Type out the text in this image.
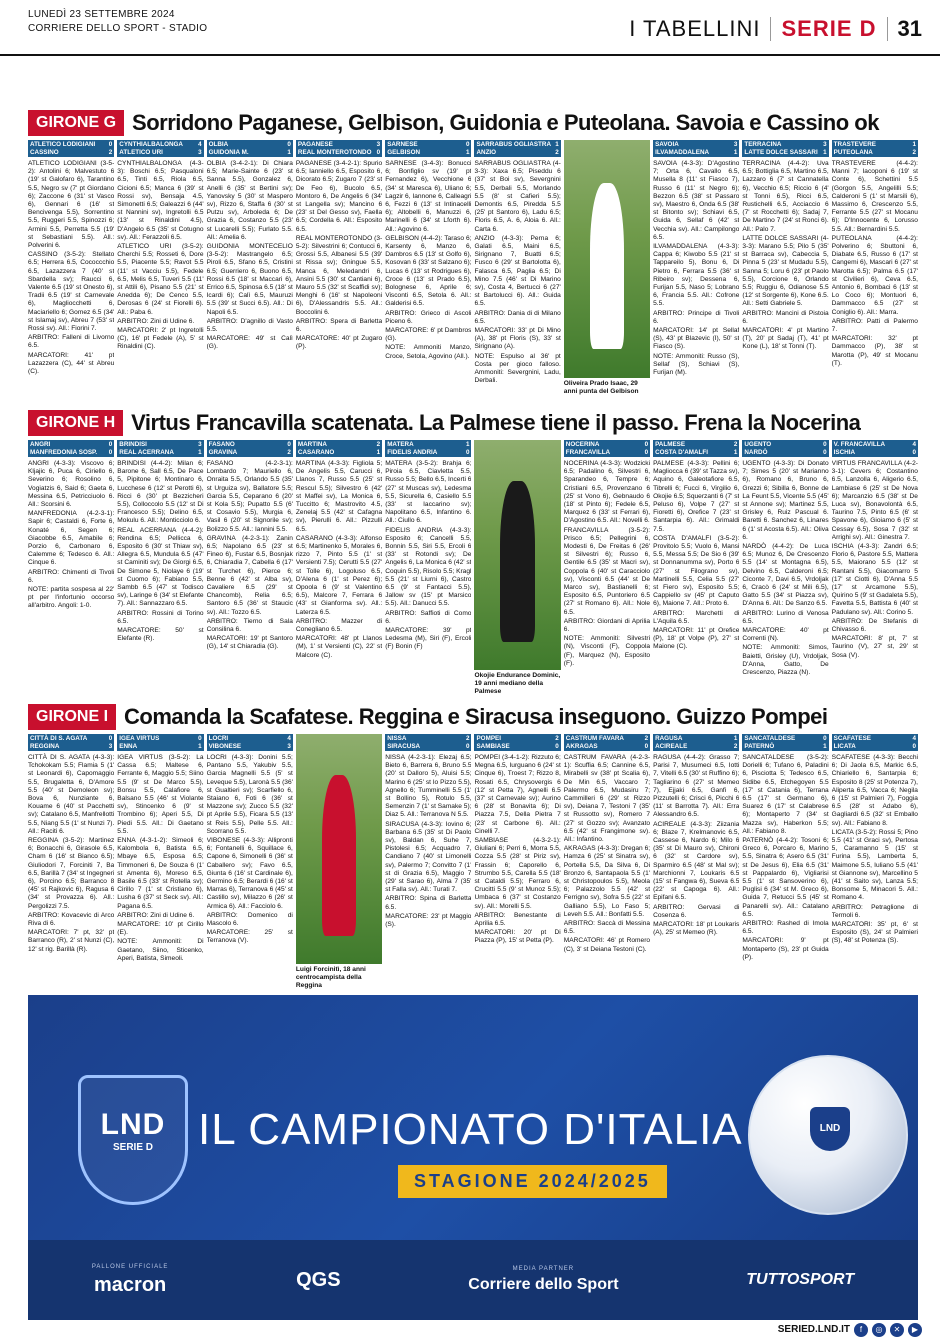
LUNEDÌ 23 SETTEMBRE 2024
CORRIERE DELLO SPORT - STADIO	I TABELLINI SERIE D 31
GIRONE G Sorridono Paganese, Gelbison, Guidonia e Puteolana. Savoia e Cassino ok
ATLETICO LODIGIANI 0
CASSINO	2

ATLETICO LODIGIANI (3-5-2): Antolini 6; Malvestuto 6 (19' st Galofaro 6), Tarantino 5.5, Negro sv (7' pt Giordano 6); Zaccone 6 (31' st Vasco 6), Gennari 6 (16' st Bencivenga 5.5), Sorrentino 5.5, Ruggeri 5.5, Spinozzi 6; Armini 5.5, Perretta 5.5 (19' st Sebastiani 5.5). All.: Polverini 6.

CASSINO (3-5-2): Stellato 6.5; Herrera 6.5, Cococcchio 6.5, Lazazzera 7 (40' st Sbardella sv); Raucci 6, Valente 6.5 (19' st Onesto 6), Tradii 6.5 (19' st Carnevale 6), Magliocchetti 6, Maciariello 6; Gomez 6.5 (34' st Islamaj sv), Abreu 7 (53' st Rossi sv). All.: Fiorini 7.

ARBITRO: Falleni di Livorno 6.5.

MARCATORI: 41' pt Lazazzera (C), 44' st Abreu (C).

CYNTHIALBALONGA 4
ATLETICO URI	3

CYNTHIALBALONGA (4-3-3): Boschi 6.5; Pasqualoni 6.5, Tinti 6.5, Riola 6.5, Cicioni 6.5; Manca 6 (39' st Rossi sv), Bensaja 4.5, Simonetti 6.5; Galeazzi 6 (44' st Nannini sv), Ingretolli 6.5 (13' st Rinaldini 4.5), D'Angelo 6.5 (35' st Cotugno sv). All.: Ferazzoli 6.5.

ATLETICO URI (3-5-2): Cherchi 5.5; Rosseti 6, Dore 5.5, Piacente 5.5; Ravot 5.5 (11' st Vacciu 5.5), Fedele 6.5, Melis 6.5, Tuveri 5.5 (11' st Attili 6), Pisano 5.5 (21' st Anedda 6); De Cenco 5.5, Derosas 6 (24' st Fiorelli 6). All.: Paba 6.

ARBITRO: Zini di Udine 6.

MARCATORI: 2' pt Ingretolli (C), 16' pt Fedele (A), 5' st Rinaldini (C).

OLBIA	0
GUIDONIA M.	1

OLBIA (3-4-2-1): Di Chiara 6.5; Marie-Sainte 6 (23' st Sanna 5.5), Gonzalez 6, Anelli 6 (35' st Bertini sv); Yanovsky 5 (30' st Maspero sv), Rizzo 6, Staffa 6 (30' st Putzu sv), Arboleda 6; De Grazia 6, Costanzo 5.5 (23' st Lucarelli 5.5); Furlato 5.5. All.: Amelia 6.

GUIDONIA MONTECELIO (3-5-2): Mastrangelo 6.5; Piroli 6.5, Sfano 6.5, Cristini 6.5; Guerriero 6, Buono 6.5, Rossi 6.5 (18' st Maccari 6), Errico 6.5, Spinosa 6.5 (18' st Icardi 6); Calì 6.5, Mauruzi 5.5 (39' st Succi 6.5). All.: Di Napoli 6.5.

ARBITRO: D'agnillo di Vasto 5.5.

MARCATORE: 49' st Calì (G).

PAGANESE	3
REAL MONTEROTONDO 0

PAGANESE (3-4-2-1): Spurio 6.5; Ianniello 6.5, Esposito 6, Dicorato 6.5; Zugaro 7 (23' st De Feo 6), Bucolo 6.5, Montoro 6, De Angelis 6 (34' st Langella sv); Mancino 6 (23' st Del Gesso sv), Faella 6.5; Cordella 6. All.: Esposito 6.5.

REAL MONTEROTONDO (3-5-2): Silvestrini 6; Contucci 6, Grossi 5.5, Albanesi 5.5 (39' st Rissa sv); Gningue 5.5, Manca 6, Meledandri 6, Ansini 5.5 (30' st Cantiani 6), Mauro 5.5 (32' st Scaffidi sv); Menghi 6 (16' st Napoleoni 6), D'Alessandris 5.5. All.: Boccolini 6.

ARBITRO: Spera di Barletta 6.

MARCATORE: 40' pt Zugaro (P).

SARNESE	0
GELBISON	1

SARNESE (3-4-3): Bonucci 6; Bonfiglio sv (19' pt Fernandez 6), Vecchione 6 (34' st Maresca 6), Uliano 6; Lagzir 6, Iannone 6, Calleagri 6, Fezzi 6 (13' st Intinacelli 6); Altobelli 6, Manuzzi 6, Marinelli 6 (34' st Lforth 6). All.: Agovino 6.

GELBISON (4-4-2): Taraso 6; Karsenty 6, Manzo 6, Dambros 6.5 (13' st Golfo 6), Kosovan 6 (33' st Salzano 6); Lucas 6 (13' st Rodrigues 6), Croce 6 (13' st Prado 6.5), Bolognese 6, Aprile 6; Visconti 6.5, Setola 6. All.: Galderisi 6.5.

ARBITRO: Grieco di Ascoli Piceno 6.

MARCATORE: 6' pt Dambros (G).

NOTE: Ammoniti Manzo, Croce, Setola, Agovino (All.).

SARRABUS OGLIASTRA 1
ANZIO	2

SARRABUS OGLIASTRA (4-3-3): Xaxa 6.5; Piseddu 6 (37' st Boi sv), Severgnini 5.5, Derbali 5.5, Morlando 5.5 (8' st Cafieri 5.5); Demontis 6.5, Piredda 5.5 (25' pt Santoro 6), Ladu 6.5; Floris 6.5, A. 6, Aloia 6. All.: Carta 6.

ANZIO (4-3-3): Perna 6; Galati 6.5, Maini 6.5, Sirignano 7, Buatti 6.5; Fusco 6 (29' st Bartolotta 6), Falasca 6.5, Paglia 6.5; Di Mino 7.5 (46' st Di Marino sv), Costa 4, Bertucci 6 (27' st Bartolucci 6). All.: Guida 6.5.

ARBITRO: Dania di di Milano 6.5.

MARCATORI: 33' pt Di Mino (A), 38' pt Floris (S), 33' st Sirignano (A).

NOTE: Espulso al 36' pt Costa per gioco falloso. Ammoniti: Severgnini, Ladu, Derbali.	Oliveira Prado Isaac, 29 anni punta del Gelbison
SAVOIA	3
ILVAMADDALENA	1

SAVOIA (4-3-3): D'Agostino 7; Orta 6, Cavallo 6.5, Musella 8 (11' st Fiasco 7), Russo 6 (11' st Negro 6); Bezzon 6.5 (38' st Passaro sv), Maestro 6, Onda 6.5 (38' st Bitonto sv); Schiavi 6.5, Guida 6, Sellaf 6 (42' st Vecchia sv). All.: Campilongo 6.5.

ILVAMADDALENA (4-3-3): Cappa 6; Kiwobo 5.5 (21' st Tappareilo 5), Bonu 6, Di Pietro 6, Ferrara 5.5 (36' st Ribeiro sv); Dessena 6, Furijan 5.5, Naso 5; Lobrano 6, Francia 5.5. All.: Cofrone 5.5.

ARBITRO: Principe di Tivoli 6.

MARCATORI: 14' pt Sellaf (S), 43' pt Blazevic (I), 50' st Fiasco (S).

NOTE: Ammoniti: Russo (S), Sellaf (S), Schiavi (S), Furijan (M).

TERRACINA	3
LATTE DOLCE SASSARI 1

TERRACINA (4-4-2): Uva 6.5; Bottiglia 6.5, Martino 6.5, Lazzaro 6 (7' st Cannatella 6), Vecchio 6.5; Riccio 6 (4' st Tonni 6.5), Ricci 6.5, Rustichelli 6.5, Acciaccio 6 (7' st Rocchetti 6); Sadaj 7, De Martino 7 (24' st Ronci 6). All.: Palo 7.

LATTE DOLCE SASSARI (4-3-3): Marano 5.5; Pilo 5 (35' st Barraca sv), Cabeccia 5, Pinna 5 (23' st Mudadu 5.5), Sanna 5; Loru 6 (23' pt Paolo 5.5), Corcione 6, Orlando 5.5; Ruggiu 6, Odianose 5.5 (12' st Sorgente 6), Kone 6.5. All.: Setti Gabriele 5.

ARBITRO: Mancini di Pistoia 6.

MARCATORI: 4' pt Martino (T), 20' pt Sadaj (T), 41' pt Kone (L), 18' st Tonni (T).

TRASTEVERE	1
PUTEOLANA	2

TRASTEVERE (4-4-2): Manni 7; Iacoponi 6 (19' st Conte 6), Schettini 5.5 (Gorgon 5.5, Angelilli 5.5; Calderoni 5 (1' st Marsili 6), Massimo 6, Crescenzo 5.5, Ferrante 5.5 (27' st Mocanu 6); D'Innocente 6, Lorusso 5.5. All.: Bernardini 5.5.

PUTEOLANA (4-4-2): Polverino 6; Sbuttoni 6, Diabate 6.5, Russo 6 (17' st Cangemi 6), Mascari 6 (27' st Marotta 6.5); Palma 6.5 (17' st Civilieri 6), Ceva 6.5, Antonio 6, Bombaci 6 (13' st Lo Coco 6); Montuori 6, Dammacco 6.5 (27' st Coniglio 6). All.: Marra.

ARBITRO: Patti di Palermo 7.

MARCATORI: 32' pt Dammacco (P), 38' st Marotta (P), 49' st Mocanu (T).

GIRONE H Virtus Francavilla scatenata. La Palmese tiene il passo. Frena la Nocerina
ANGRI	0
MANFREDONIA SOSP. 0

ANGRI (4-3-3): Viscovo 6; Kljajic 6, Puca 6, Ciriello 6, Severino 6; Rosolino 6, Vogiatzis 6, Said 6; Gaeta 6, Messina 6.5, Petricciuolo 6. All.: Scorsini 6.

MANFREDONIA (4-2-3-1): Sapir 6; Castaldi 6, Forte 6, Konaté 6, Segen 6; Giacobbe 6.5, Amabile 6; Porzio 6, Carbonaro 6, Calemme 6; Tedesco 6. All.: Cinque 6.

ARBITRO: Chimenti di Tivoli 6.

NOTE: partita sospesa al 22' pt per l'infortunio occorso all'arbitro. Angoli: 1-0.

BRINDISI	3
REAL ACERRANA	1

BRINDISI (4-4-2): Milan 6; Barone 6, Sall 6.5, De Pace 5, Pipitone 6; Montinaro 6, Lucchese 6 (12' st Perotti 6), Ricci 6 (30' pt Bezzicheri 5.5), Colloccolo 5.5 (12' st Di Francesco 5.5); Delino 6.5, Mokulu 6. All.: Monticciolo 6.

REAL ACERRANA (4-4-2): Rendina 6.5; Pellicca 6, Esposito 6 (30' st Thiaw sv), Allegra 6.5, Mundula 6.5 (47' st Caminiti sv); De Giorgi 6.5, De Simone 5, Niolaye 6 (19' st Cuomo 6); Fabiano 5.5, Sambb 6.5 (47' st Todisco sv), Laringe 6 (34' st Elefante 7). All.: Sannazzaro 6.5.

ARBITRO: Rossini di Torino 6.5.

MARCATORE: 50' st Elefante (R).

FASANO	0
GRAVINA	2

FASANO (4-2-3-1): Lombardo 7; Mauriello 6, Onraita 5.5, Orlando 5.5 (35' st Urguiza sv), Ballatore 5.5; Garcia 5.5, Ceparano 6 (20' st Kola 5.5); Pupatto 5.5 (6' st Cosavio 5.5), Murgia 6, Vasil 6 (20' st Signorile sv); Bolizzo 5.5. All.: Iannini 5.5.

GRAVINA (4-2-3-1): Zanin 6.5; Napolano 6.5 (23' st Fineo 6), Fustar 6.5, Bosnjak 6, Chiaradia 7, Cabella 6 (17' st Turchet 6), Pierce 6; Benne 6 (42' st Alba sv), Cavaliere 6.5 (29' st Chancomb), Relia 6.5; Santoro 6.5 (36' st Staucic sv). All.: Tozzo 6.5.

ARBITRO: Tierno di Sala Consilina 6.

MARCATORI: 19' pt Santoro (G), 14' st Chiaradia (G).

MARTINA	2
CASARANO	1

MARTINA (4-3-3): Figliola 5; De Angelis 5.5, Carucci 6, Llanos 7, Russo 5.5 (25' st Rescul 5.5); Silvestro 6 (42' st Maffei sv), La Monica 6, Tuccitto 6; Mastrovito 4.5, Zenelaj 5.5 (42' st Cafagna sv), Pierulli 6. All.: Pizzulli 6.5.

CASARANO (4-3-3): Alfonso 6.5; Martinenko 5, Morales 6, rizzo 7, Pinto 5.5 (1' st Versienti 7.5); Cerutti 5.5 (27' st Tolle 6), Logoluso 6.5, D'Alena 6 (1' st Perez 6); Opoola 6 (9' st Valentino 6.5), Malcore 7, Ferrara 6 (43' st Gianforma sv). All.: Laterza 6.5.

ARBITRO: Mazzer di Conegliano 6.5.

MARCATORI: 48' pt Llanos (M), 1' st Versienti (C), 22' st Malcore (C).

MATERA	1
FIDELIS ANDRIA	0

MATERA (3-5-2): Brahja 6; Piroia 6.5, Ciavletta 5.5, Russo 5.5; Bello 6.5, Incerti 6 (27' st Muscas sv), Ledesma 5.5, Sicurella 6, Casiello 5.5 (33' st Iaccarino sv); Napolitano 6.5, Infantino 6. All.: Ciullo 6.

FIDELIS ANDRIA (4-3-3): Esposito 6; Cancelli 5.5, Bonnin 5.5, Siri 5.5, Ercoli 6 (33' st Rotondi sv); De Angelis 6, La Monica 6 (42' st Coquin 5.5), Risolo 5.5; Kragl 5.5 (21' st Liurni 6), Castro 6.5 (9' st Fantacci 5.5), Jallow sv (15' pt Marsico 5.5). All.: Danucci 5.5.

ARBITRO: Saffioti di Como 6.

MARCATORE: 39' pt Ledesma (M), Siri (F), Ercoli (F) Bonin (F)

Okojie Endurance Dominic, 19 anni mediano della Palmese
NOCERINA	0
FRANCAVILLA	0

NOCERINA (4-3-3): Wodzicki 6.5; Padalino 6, Silvestri 6, Sparandeo 6, Tempre 6; Cristiani 6.5, Provenzano 6 (25' st Vono 6), Gebnaudo 6 (18' st Pinto 6); Fedele 6.5, Marquez 6 (33' st Ferrari 6), D'Agostino 6.5. All.: Novelli 6.

FRANCAVILLA (3-5-2): Prisco 6.5; Pellegrini 6, Modesti 6, De Freitas 6 (26' st Silvestri 6); Russo 6, Gentile 6.5 (35' st Macri sv), Coppola 6 (40' st Caracciolo sv), Visconti 6.5 (44' st De Marco sv), Bastianelli 6; Esposito 6.5, Puntoriero 6.5 (27' st Romano 6). All.: Nole 6.5.

ARBITRO: Giordani di Aprilia 6.

NOTE: Ammoniti: Silvestri (N), Visconti (F), Coppola (F), Marquez (N), Esposito (F).

PALMESE	2
COSTA D'AMALFI	1

PALMESE (4-3-3): Pellini 6; Magliocca 6 (39' st Tazza sv), Aquino 6, Galeotafiore 6.5, Tibrelli 6; Fucci 6, Virgilio 6, Okojie 6.5; Squerzanti 6 (7' st Peluso 6), Volpe 7 (27' st Fioretti 6), Orefice 7 (23' st Santarpia 6). All.: Grimaldi 7.5.

COSTA D'AMALFI (3-5-2): Provitolo 5.5; Vuolo 6, Mansi 5.5, Messa 5.5; De Sio 6 (39' st Donnanumma sv), Porto 6 (27' st Filograno sv), Martinelli 5.5, Celia 5.5 (27' st Fiero sv), Esposito 5.5; Cappiello sv (45' pt Caputo 6), Maione 7. All.: Proto 6.

ARBITRO: Marchetti di L'Aquila 6.5.

MARCATORI: 11' pt Orefice (P), 18' pt Volpe (P), 27' st Maione (C).

UGENTO	0
NARDÒ	0

UGENTO (4-3-3): Di Donato 7; Simes 5 (20' st Marianno 6), Romano 6, Bruno 6, Grezzi 6; Sibilla 6, Bonne de La Feunt 5.5, Vicente 5.5 (45' st Annone sv); Martinez 5.5, Grisley 6, Ruiz Pascual 6. Baretti 6. Sanchez 6, Linares 6 (1' st Acosta 6.5). All.: Oliva 6.

NARDÒ (4-4-2): De Luca 6.5; Munoz 6, De Crescenzo 5.5 (14' st Montagna 6.5), Delvino 6.5, Calderoni 6.5; Ciconte 7, Davi 6.5, Vrdoljak 6, Cracò 6 (24' st Mili 6.5), Gatto 5.5 (34' st Piazza sv), D'Anna 6. All.: De Sanzo 6.5.

ARBITRO: Lurino di Venosa 6.5.

MARCATORE: 40' pt Correnti (N).

NOTE: Ammoniti: Simos, Baietti, Grisley (U), Vrdoljak, D'Anna, Gatto, De Crescenzo, Piazza (N).

V. FRANCAVILLA	4
ISCHIA	0

VIRTUS FRANCAVILLA (4-2-3-1): Cevers 6; Costantino 6.5, Lanzolla 6, Aligerio 6.5, Lambiase 6 (25' st De Nova 6); Marcanzio 6.5 (38' st De Luca sv), Bonavolontà 6.5, Taurino 7.5, Pinto 6.5 (6' st Spavone 6), Gioiamo 6 (5' st Cessay 6.5), Sosa 7 (32' st Arrighi sv). All.: Ginestra 7.

ISCHIA (4-3-3): Zandri 6.5; Florio 6, Pastore 5.5, Mattera 5.5, Maiorano 5.5 (12' st Rantani 5.5), Giacomarro 5 (17' st Ciotti 6), D'Anna 5.5 (17' st Arcamone 5.5), Quirino 5 (9' st Gadaleta 5.5), Favetta 5.5, Battista 6 (40' st Padulano sv). All.: Corino 5.

ARBITRO: De Stefanis di Chivasso 6.

MARCATORI: 8' pt, 7' st Taurino (V), 27' st, 29' st Sosa (V).

GIRONE I Comanda la Scafatese. Reggina e Siracusa inseguono. Guizzo Pompei
CITTÀ DI S. AGATA	0
REGGINA	3

CITTÀ DI S. AGATA (4-3-3): Tchokokam 5.5; Flamia 5 (1' st Leonardi 6), Capomaggio 5.5, Brugaletta 6, D'Amore 5.5 (40' st Demoleon sv); Bova 6, Nunziante 6, Kouame 6 (40' st Pacchetti sv); Catalano 6.5, Manfrellotti 5.5, Niang 5.5 (1' st Nunzi 7). All.: Raciti 6.

REGGINA (3-5-2): Martinez 6; Bonacchi 6, Girasole 6.5, Cham 6 (16' st Bianco 6.5); Giuliodori 7, Forciniti 7, Ba 6.5, Barillà 7 (34' st Ingegneri 6), Porcino 6.5; Barranco 8 (45' st Rajkovic 6), Ragusa 6 (34' st Provazza 6). All.: Pergolizzi 7.5.

ARBITRO: Kovacevic di Arco Riva di 6.

MARCATORI: 7' pt, 32' pt Barranco (R), 2' st Nunzi (C), 12' st rig. Barillà (R).

IGEA VIRTUS	0
ENNA	1

IGEA VIRTUS (3-5-2): La Cassa 6.5; Maltese 6, Ferrante 6, Maggio 5.5; Siino 5.5 (9' st De Marco 5.5), Bonsu 5.5, Calafiore 6, Balsano 5.5 (46' st Violante sv), Stincenko 6 (9' st Trombino 6); Aperi 5.5, Di Piedi 5.5. All.: Di Gaetano 5.5.

ENNA (4-3-1-2): Simeoli 6; Kalombola 6, Batista 6.5, Mbaye 6.5, Esposa 6.5; Timmoneri 6, De Souza 6 (1' st Amenta 6), Moreso 6.5, Basile 6.5 (33' st Rotella sv); Cirillo 7 (1' st Cristiano 6), Lusha 6 (37' st Seck sv). All.: Pagana 6.5.

ARBITRO: Zini di Udine 6.

MARCATORE: 10' pt Cirillo (E).

NOTE: Ammoniti: Di Gaetano, Siino, Sticenko, Aperi, Batista, Simeoli.

LOCRI	4
VIBONESE	3

LOCRI (4-3-3): Donini 5.5; Pantano 5.5, Yakubiv 5.5, Garcia Magnelli 5.5 (5' st Leveque 5.5), Laronà 5.5 (36' st Gualtieri sv); Scarfiello 6, Staiano 6, Foti 6 (36' st Mazzone sv); Zucco 5.5 (32' pt Aprile 5.5), Ficara 5.5 (13' st Reis 5.5), Pelle 5.5. All.: Scorrano 5.5.

VIBONESE (4-3-3): Allipronti 6; Fontanelli 6, Squillace 6, Capone 6, Simonelli 6 (36' st Caballero sv); Favo 6.5, Giunta 6 (16' st Cardinale 6), Germino 6.5; Berardi 6 (16' st Marras 6), Terranova 6 (45' st Castillo sv), Milazzo 6 (26' st Armica 6). All.: Facciolo 6.

ARBITRO: Domenico di Mascolo 6.

MARCATORE: 25' st Terranova (V).

Luigi Forcinitì, 18 anni centrocampista della Reggina
NISSA	2
SIRACUSA	0

NISSA (4-2-3-1): Elezaj 6.5; Bieto 6, Barrera 6, Bruno 5.5 (20' st Dalloro 5), Aluisi 5.5; Marino 6 (25' st lo Pizzo 5.5), Agnello 6; Tumminelli 5.5 (1' st Bollino 5), Rotulo 5.5, Semenzin 7 (1' st Samake 5); Diaz 5. All.: Terranova N 5.5.

SIRACUSA (4-3-3): Iovino 6; Barbana 6.5 (35' st Di Paolo sv), Baldan 6, Suhe 7, Pistolesi 6.5; Acquadro 7, Candiano 7 (40' st Limonelli sv), Palermo 7; Convitto 7 (1' st di Grazia 6.5), Maggio 7 (29' st Sarao 6), Alma 7 (35' st Falla sv). All.: Turati 7.

ARBITRO: Spina di Barletta 6.5.

MARCATORE: 23' pt Maggio (S).

POMPEI	2
SAMBIASE	0

POMPEI (3-4-1-2): Rizzuto 6; Megna 6.5, Iurguano 6 (24' st Cinque 6), Troest 7; Rizzo 8, Rosati 6.5, Chrysovergis 6 (12' st Petta 7), Agnelli 6.5 (37' st Carnevale sv); Aurino 6 (28' st Bonavita 6); Di Piazza 7.5, Della Pietra 7 (23' st Carbone 6). All.: Cinelli 7.

SAMBIASE (4-3-2-1): Giuliani 6; Perri 6, Morra 5.5, Cozza 5.5 (28' st Piriz sv), Frassin 6; Caporello 6, Strumbo 5.5, Carella 5.5 (18' st Cataldi 5.5); Ferraro 6, Crucitti 5.5 (9' st Munoz 5.5); Umbaca 6 (37' st Costanzo sv). All.: Morelli 5.5.

ARBITRO: Benestante di Aprilia 6.5.

MARCATORI: 20' pt Di Piazza (P), 15' st Petta (P).

CASTRUM FAVARA	2
AKRAGAS	0

CASTRUM FAVARA (4-2-3-1): Scuffia 6.5; Cannine 6.5, Mirabelli sv (38' pt Scalia 6), De Min 6.5, Vaccaro 7; Palermo 6.5, Mudasiru 7; Cammilleri 6 (29' st Rizzo sv), Deiana 7, Testoni 7 (35' st Russotto sv), Romero 7 (27' st Gozzo sv); Avanzato 6.5 (42' st Frangimone sv). All.: Infantino.

AKRAGAS (4-3-3): Dregan 6; Hamza 6 (25' st Sinatra sv), Portella 5.5, Da Silva 6, Di Bronzo 6, Santapaola 5.5 (1' st Christopoulos 5.5), Meola 6; Palazzolo 5.5 (42' st Ferrigno sv), Sofra 5.5 (22' st Galliano 5.5), Lo Faso 5; Leveh 5.5. All.: Bonfatti 5.5.

ARBITRO: Saccà di Messina 6.5.

MARCATORI: 46' pt Romero (C), 3' st Deiana Testoni (C).

RAGUSA	1
ACIREALE	2

RAGUSA (4-4-2): Grasso 7; Parisi 7, Musumeci 6.5, Iotti 7, Vitelli 6.5 (30' st Ruffino 6); Tagliarino 6 (27' st Memeo 7), Ejjaki 6.5, Ganfi 6, Pizzutelli 6; Crisci 6, Picchi 6 (11' st Barrotta 7). All.: Erra Alessandro 6.5.

ACIREALE (4-3-3): Ziizania 6; Blaze 7, Krelmanovic 6.5, Cassese 6, Nardo 6; Milo 6 (35' st Di Mauro sv), Chironi 6 (32' st Cardore sv), Sparmiro 6.5 (48' st Mal sv); Marchionni 7, Loukaris 6.5 (15' st Fangwa 6), Sueva 6.5 (22' st Capoga 6). All.: Epifani 6.5.

ARBITRO: Gervasi di Cosenza 6.

MARCATORI: 18' pt Loukaris (A), 25' st Memeo (R).

SANCATALDESE	0
PATERNÒ	1

SANCATALDESE (3-5-2): Dorielli 6; Tufano 6, Paladini 6, Pisciotta 5; Tedesco 6.5, Sidibe 6.5, Etchegoyen 5.5 (17' st Catania 6), Terrana 6.5 (17' st Germano 6), Suarez 6 (17' st Calabrese 6); Montaperto 7 (34' st Mazza sv), Haberkon 5.5; All.: Fabiano 8.

PATERNÒ (4-4-2): Tosoni 6; Greco 6, Porcaro 6, Marino 5.5, Sinatra 6; Asero 6.5 (31' st De Jesus 6), Elia 6.5 (31' st Pappalardo 6), Vigliarisi 5.5 (1' st Sansoverino 6), Puglisi 6 (34' st M. Greco 6), Guida 7, Retucci 5.5 (45' st Panarelli sv). All.: Catalano 6.5.

ARBITRO: Rashed di Imola 6.5.

MARCATORI: 9' pt Montaperto (S), 23' pt Guida (P).

SCAFATESE	4
LICATA	0

SCAFATESE (4-3-3): Becchi 6; Di Jaola 6.5, Markic 6.5, Chiariello 6, Santarpia 6; Esposito 8 (25' st Potenza 7), Aliperta 6.5, Vacca 6; Negila 6 (15' st Palmieri 7), Foggia 6.5 (28' st Adabo 6), Gagliardi 6.5 (32' st Emballo sv). All.: Fabiano 8.

LICATA (3-5-2): Rossi 5; Pino 5.5 (41' st Graci sv), Pertosa 5, Caramanno 5 (15' st Furina 5.5), Lamberta 5, Maimone 5.5, Iuliano 5.5 (41' st Giannone sv), Marcellino 5 (41' st Saito sv), Lanza 5.5; Bonsome 5, Minacori 5. All.: Romano 4.

ARBITRO: Petraglione di Termoli 6.

MARCATORI: 35' pt, 6' st Esposito (S), 24' st Palmieri (S), 48' st Potenza (S).

LND
SERIE D	IL CAMPIONATO D'ITALIA
STAGIONE 2024/2025
LND
PALLONE UFFICIALE
macron	QGS	MEDIA PARTNER
Corriere dello Sport	TUTTOSPORT
SERIED.LND.IT	f	◎	✕	▶
